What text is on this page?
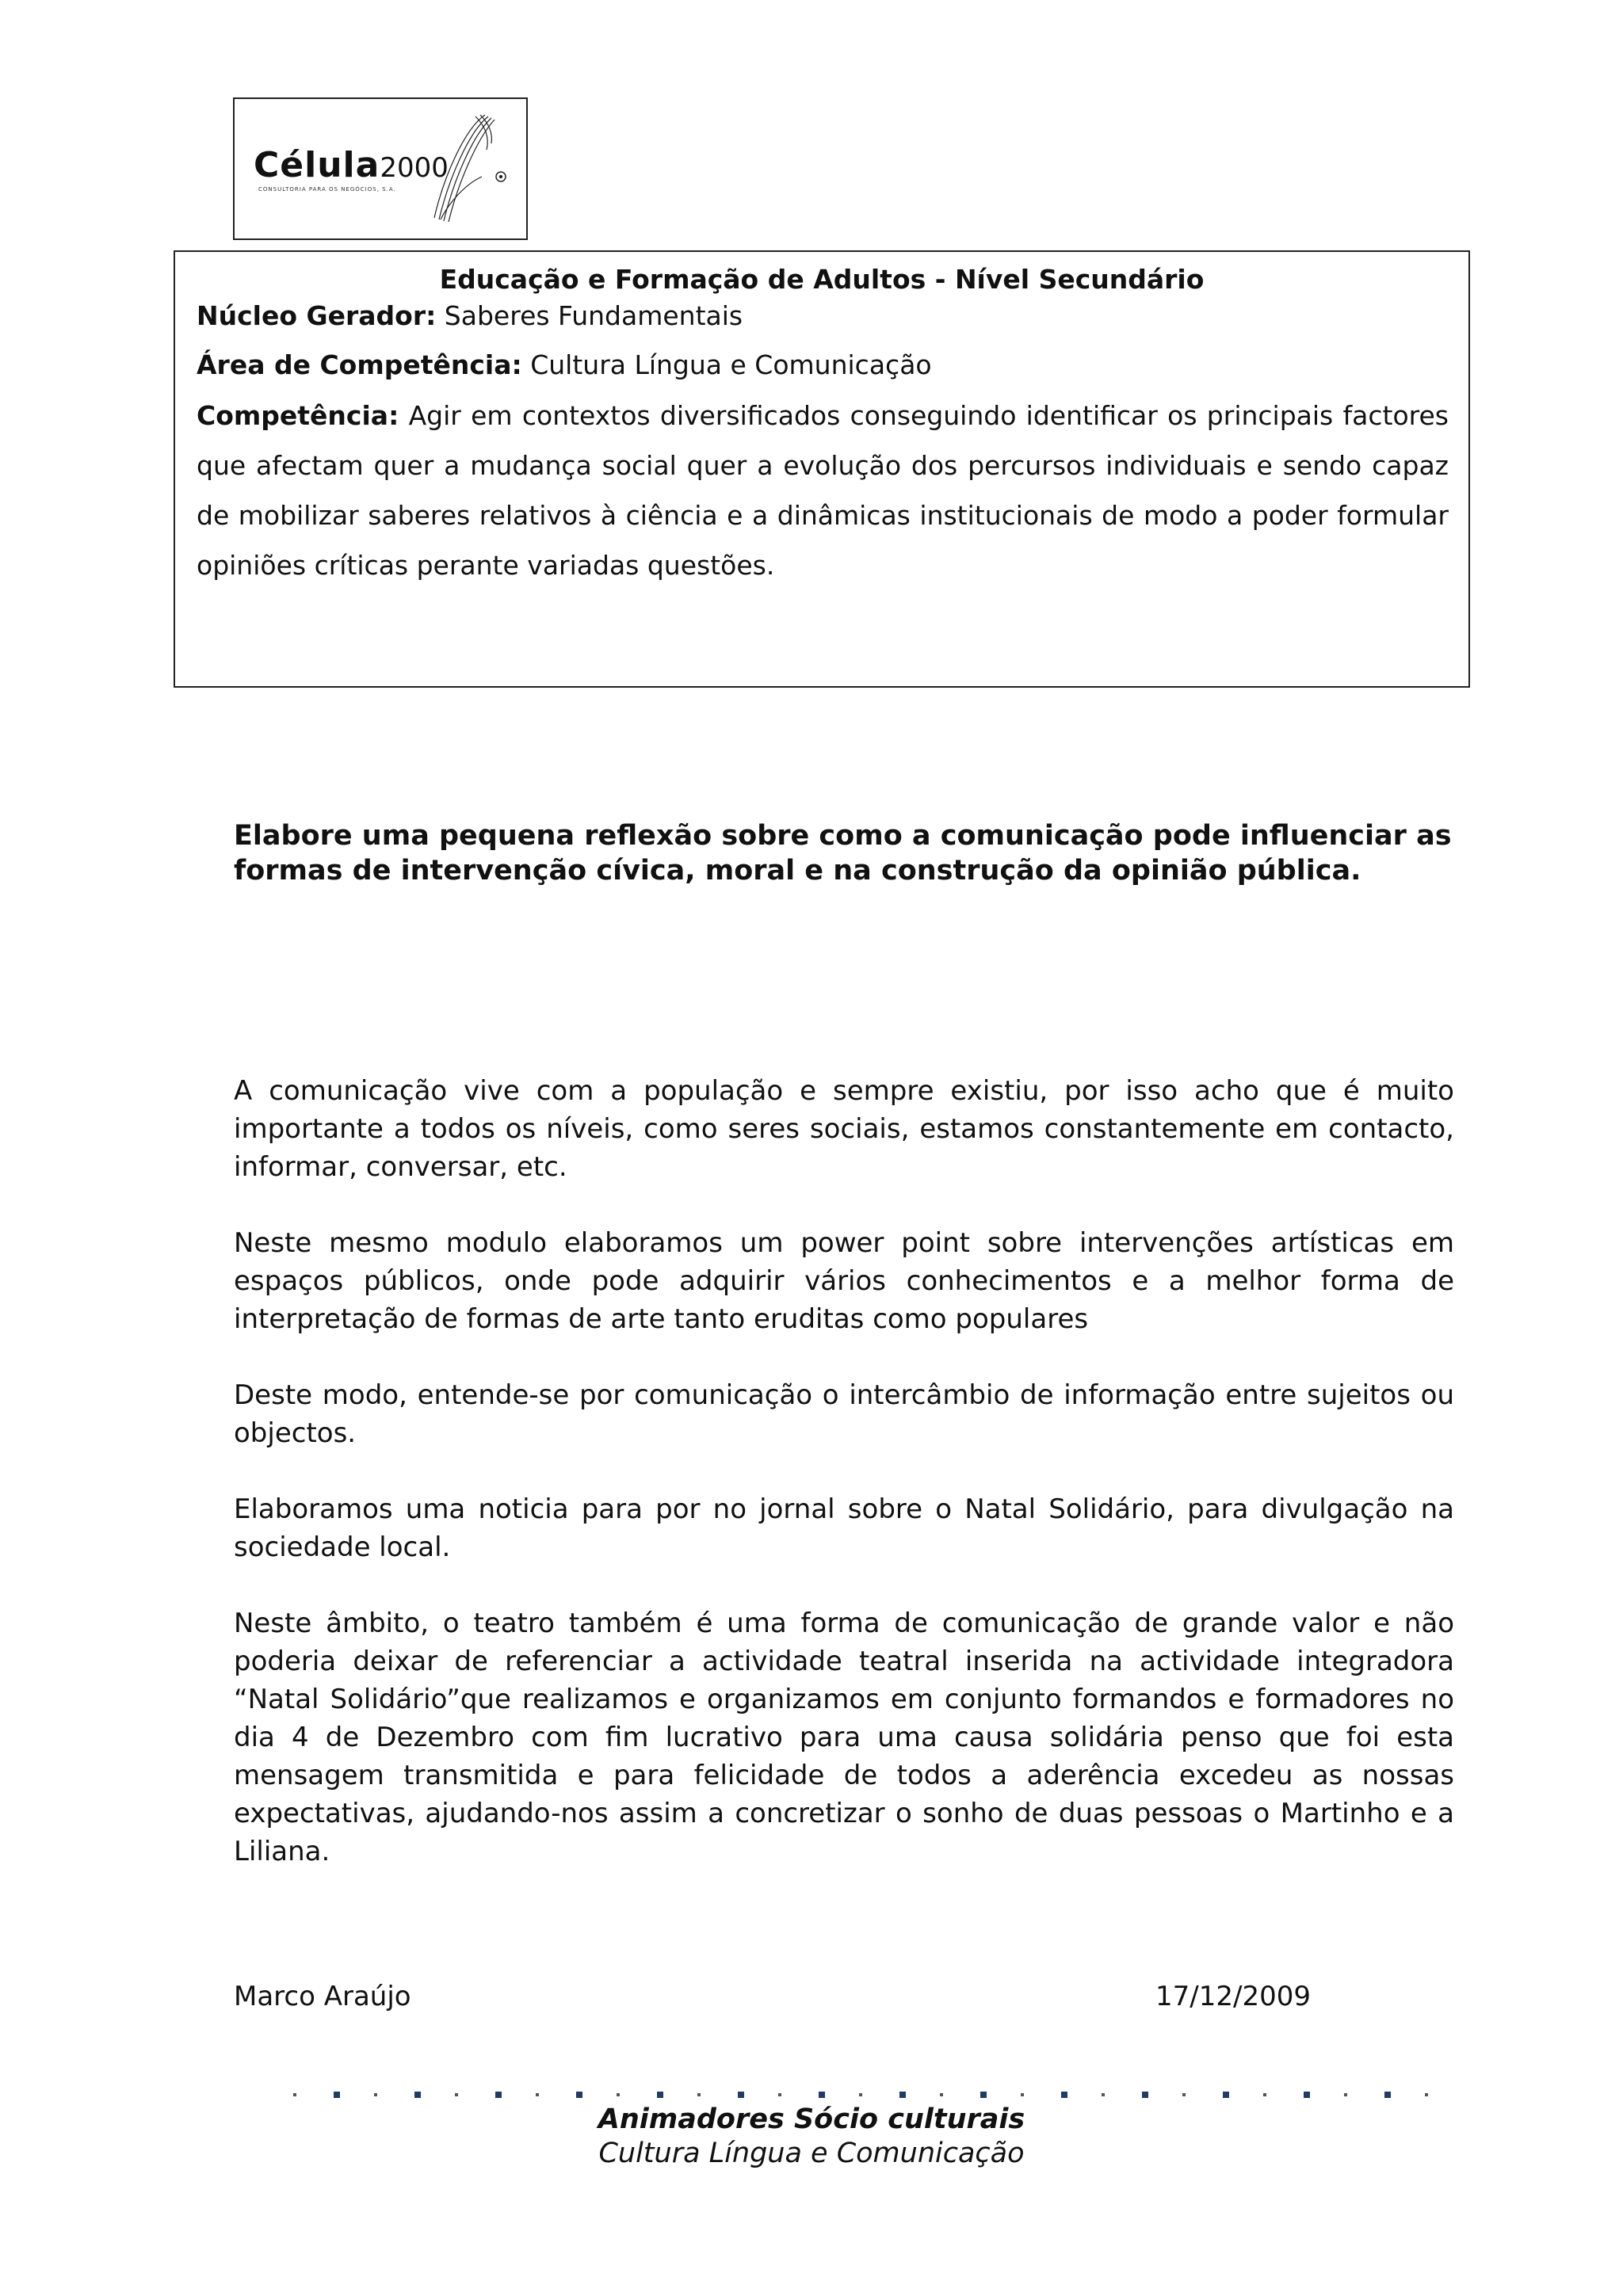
Célula2000
CONSULTORIA PARA OS NEGÓCIOS, S.A.
Educação e Formação de Adultos - Nível Secundário
Núcleo Gerador: Saberes Fundamentais
Área de Competência: Cultura Língua e Comunicação
Competência: Agir em contextos diversificados conseguindo identificar os principais factores que afectam quer a mudança social quer a evolução dos percursos individuais e sendo capaz de mobilizar saberes relativos à ciência e a dinâmicas institucionais de modo a poder formular opiniões críticas perante variadas questões.
Elabore uma pequena reflexão sobre como a comunicação pode influenciar as formas de intervenção cívica, moral e na construção da opinião pública.
A comunicação vive com a população e sempre existiu, por isso acho que é muito importante a todos os níveis, como seres sociais, estamos constantemente em contacto, informar, conversar, etc.
Neste mesmo modulo elaboramos um power point sobre intervenções artísticas em espaços públicos, onde pode adquirir vários conhecimentos e a melhor forma de interpretação de formas de arte tanto eruditas como populares
Deste modo, entende-se por comunicação o intercâmbio de informação entre sujeitos ou objectos.
Elaboramos uma noticia para por no jornal sobre o Natal Solidário, para divulgação na sociedade local.
Neste âmbito, o teatro também é uma forma de comunicação de grande valor e não poderia deixar de referenciar a actividade teatral inserida na actividade integradora “Natal Solidário”que realizamos e organizamos em conjunto formandos e formadores no dia 4 de Dezembro com fim lucrativo para uma causa solidária penso que foi esta mensagem transmitida e para felicidade de todos a aderência excedeu as nossas expectativas, ajudando-nos assim a concretizar o sonho de duas pessoas o Martinho e a Liliana.
Marco Araújo	17/12/2009
Animadores Sócio culturais
Cultura Língua e Comunicação
